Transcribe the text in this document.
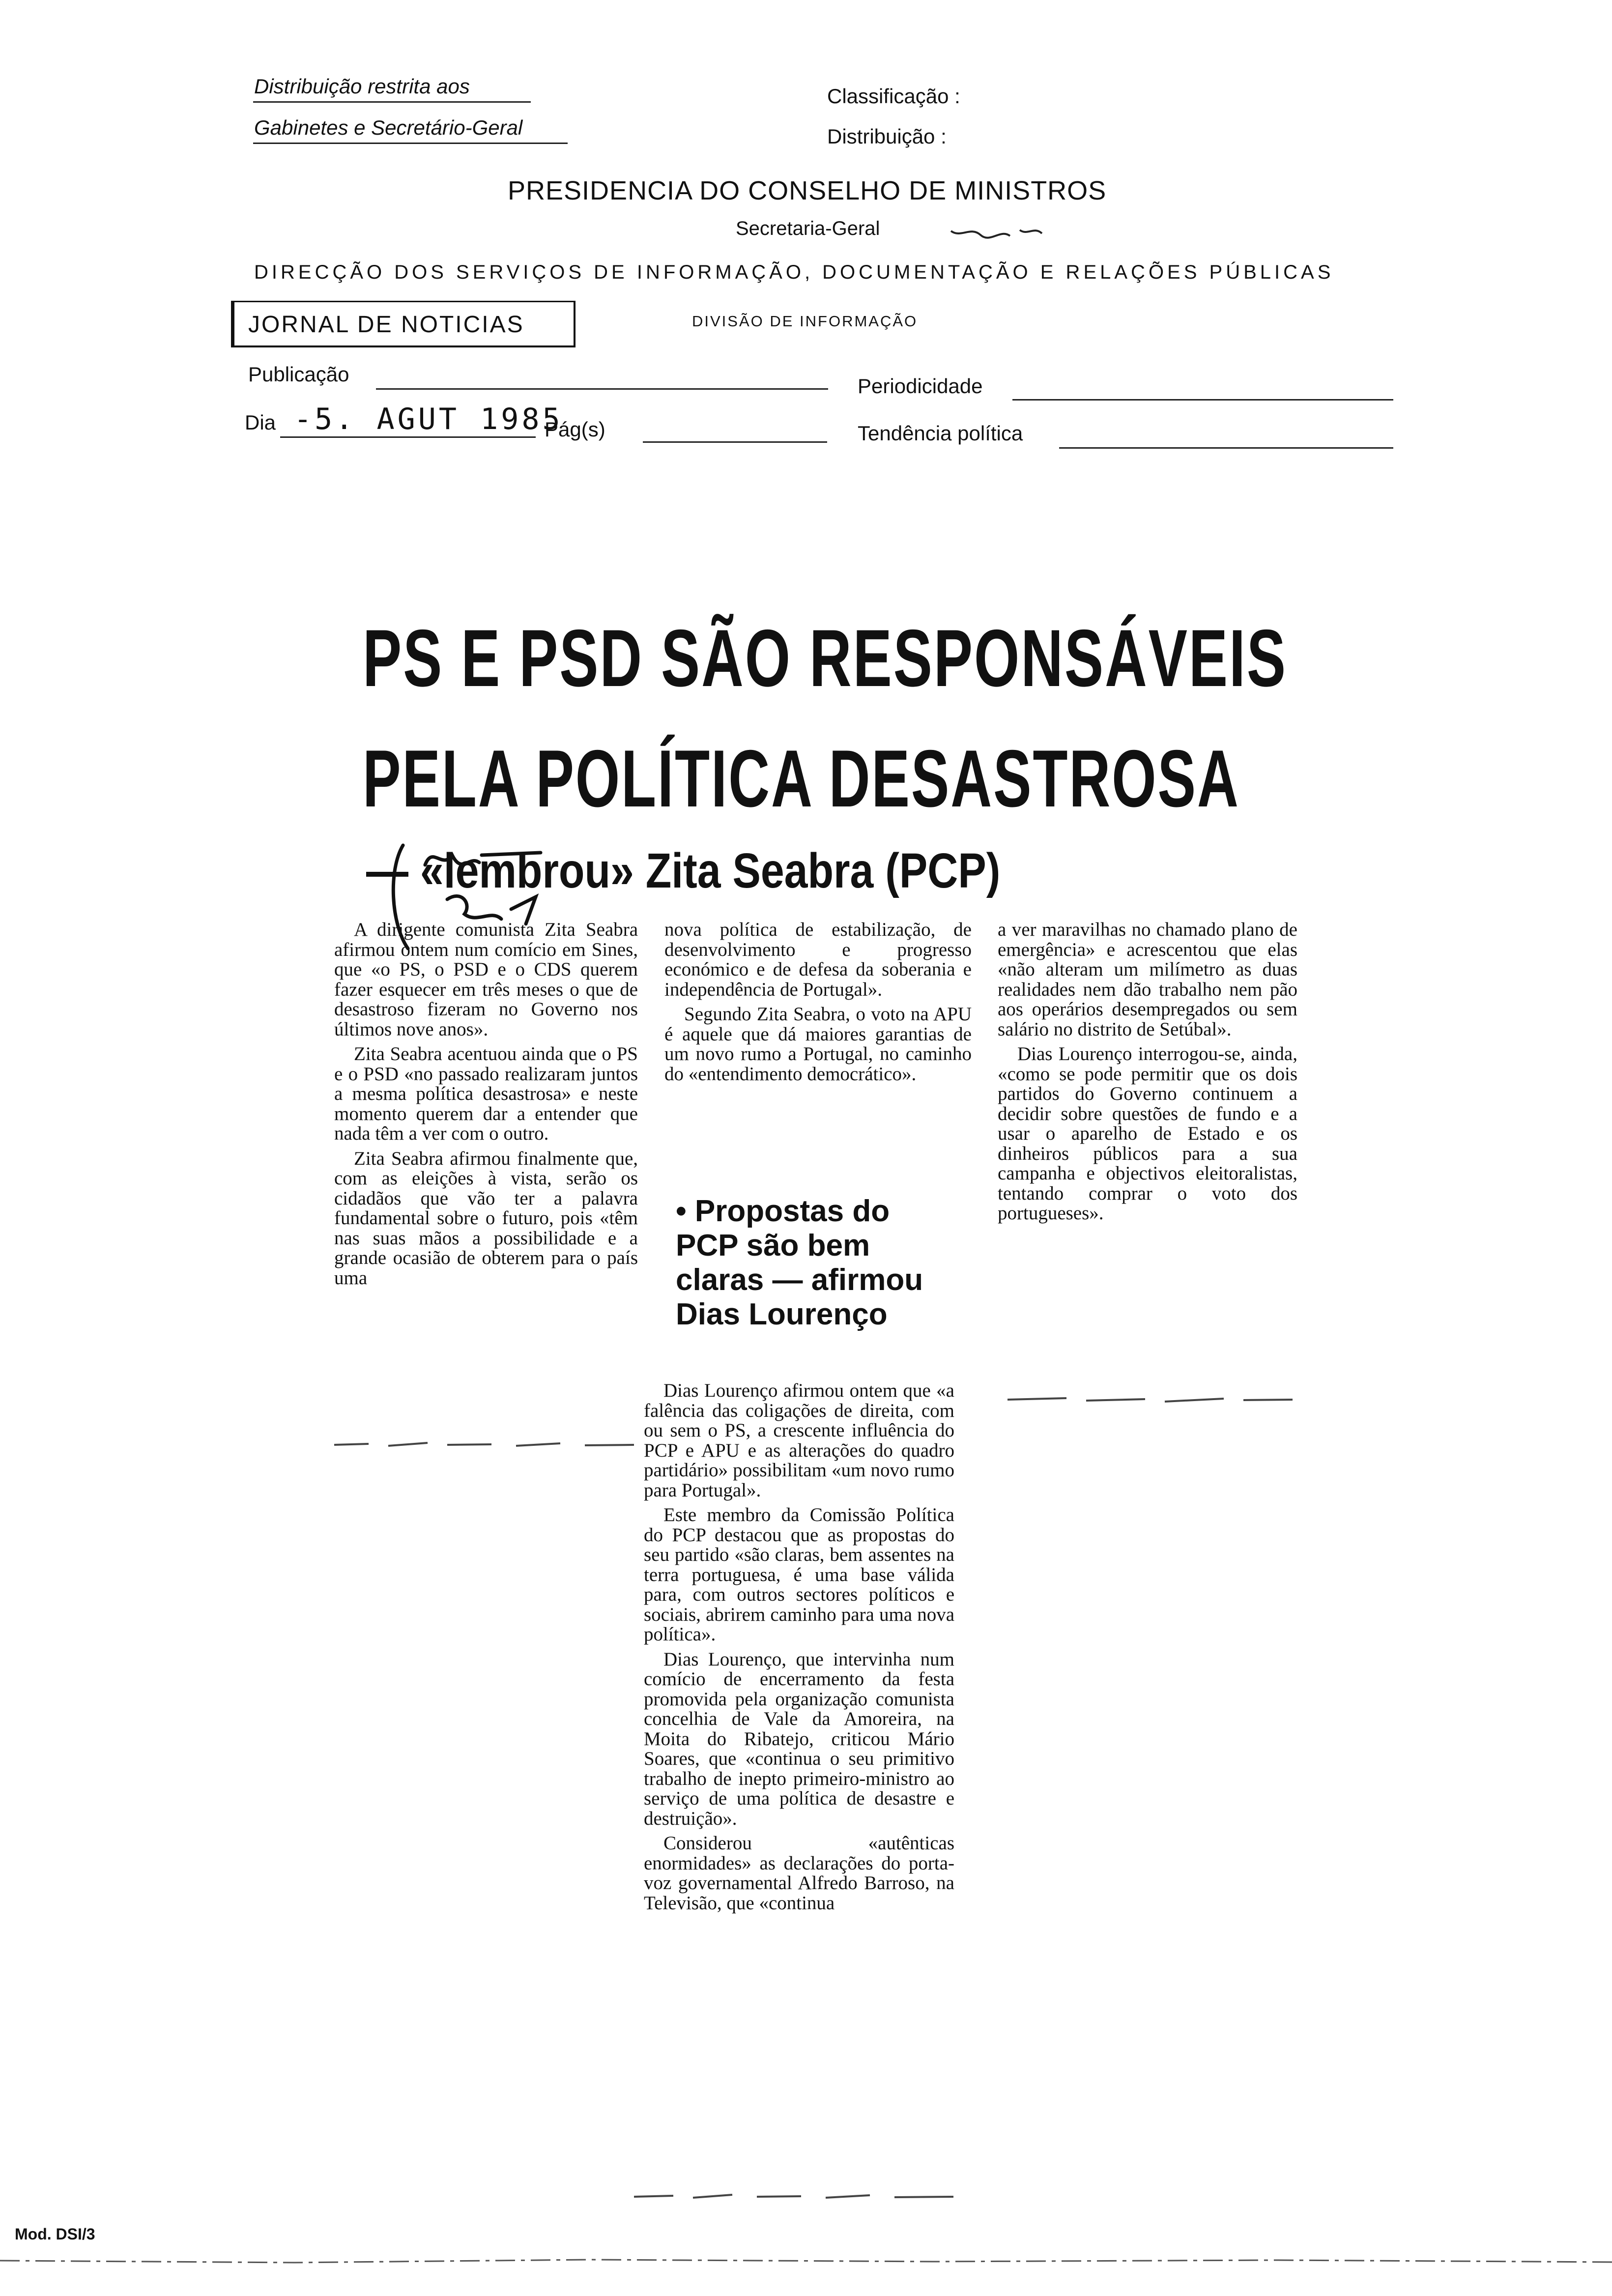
Distribuição restrita aos
Gabinetes e Secretário-Geral
Classificação :
Distribuição :
PRESIDENCIA DO CONSELHO DE MINISTROS
Secretaria-Geral
DIRECÇÃO DOS SERVIÇOS DE INFORMAÇÃO, DOCUMENTAÇÃO E RELAÇÕES PÚBLICAS
JORNAL DE NOTICIAS	DIVISÃO DE INFORMAÇÃO
Publicação
Periodicidade
Dia -5. AGUT 1985
Pág(s)	Tendência política
PS E PSD SÃO RESPONSÁVEIS
PELA POLÍTICA DESASTROSA
— «lembrou» Zita Seabra (PCP)

A dirigente comunista Zita Seabra afirmou ontem num comício em Sines, que «o PS, o PSD e o CDS querem fazer esquecer em três meses o que de desastroso fizeram no Governo nos últimos nove anos».

Zita Seabra acentuou ainda que o PS e o PSD «no passado realizaram juntos a mesma política desastrosa» e neste momento querem dar a entender que nada têm a ver com o outro.

Zita Seabra afirmou finalmente que, com as eleições à vista, serão os cidadãos que vão ter a palavra fundamental sobre o futuro, pois «têm nas suas mãos a possibilidade e a grande ocasião de obterem para o país uma

nova política de estabilização, de desenvolvimento e progresso económico e de defesa da soberania e independência de Portugal».

Segundo Zita Seabra, o voto na APU é aquele que dá maiores garantias de um novo rumo a Portugal, no caminho do «entendimento democrático».

• Propostas do PCP são bem claras — afirmou Dias Lourenço

Dias Lourenço afirmou ontem que «a falência das coligações de direita, com ou sem o PS, a crescente influência do PCP e APU e as alterações do quadro partidário» possibilitam «um novo rumo para Portugal».

Este membro da Comissão Política do PCP destacou que as propostas do seu partido «são claras, bem assentes na terra portuguesa, é uma base válida para, com outros sectores políticos e sociais, abrirem caminho para uma nova política».

Dias Lourenço, que intervinha num comício de encerramento da festa promovida pela organização comunista concelhia de Vale da Amoreira, na Moita do Ribatejo, criticou Mário Soares, que «continua o seu primitivo trabalho de inepto primeiro-ministro ao serviço de uma política de desastre e destruição».

Considerou «autênticas enormidades» as declarações do porta-voz governamental Alfredo Barroso, na Televisão, que «continua

a ver maravilhas no chamado plano de emergência» e acrescentou que elas «não alteram um milímetro as duas realidades nem dão trabalho nem pão aos operários desempregados ou sem salário no distrito de Setúbal».

Dias Lourenço interrogou-se, ainda, «como se pode permitir que os dois partidos do Governo continuem a decidir sobre questões de fundo e a usar o aparelho de Estado e os dinheiros públicos para a sua campanha e objectivos eleitoralistas, tentando comprar o voto dos portugueses».

Mod. DSI/3
